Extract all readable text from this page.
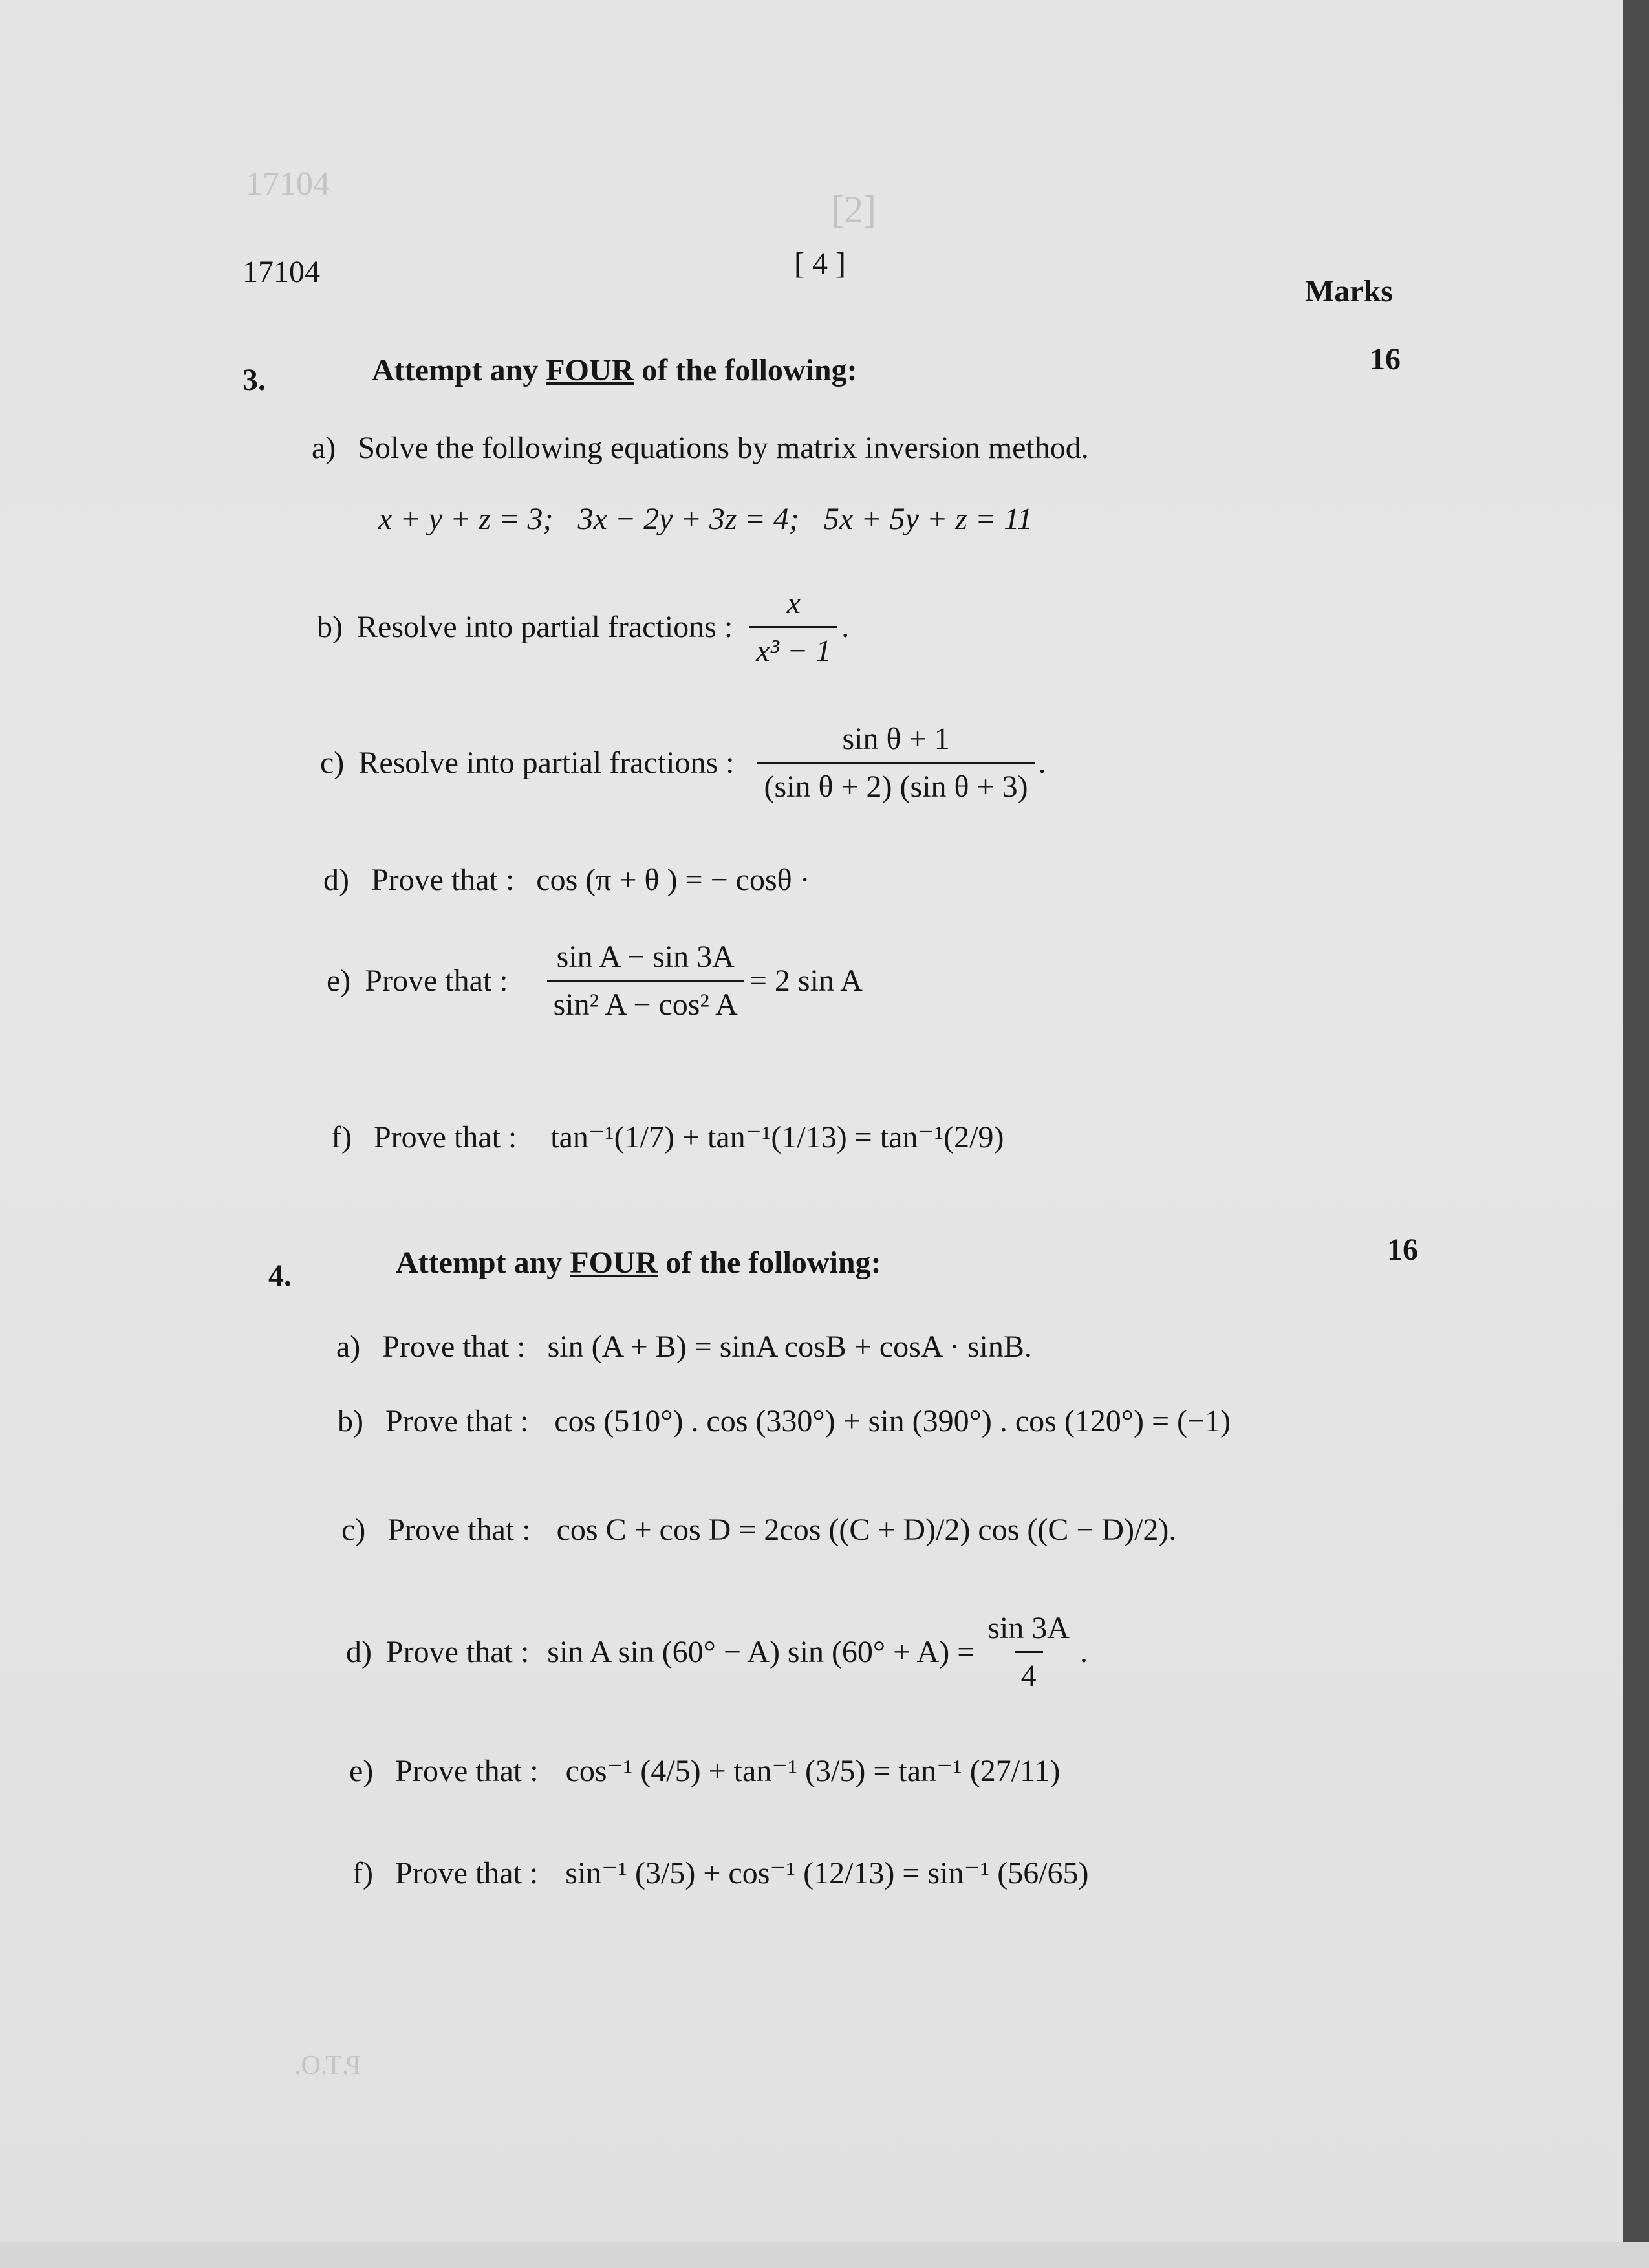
17104
[2]
17104	[ 4 ]
Marks
3.	Attempt any FOUR of the following:	16
a) Solve the following equations by matrix inversion method.
x + y + z = 3; 3x − 2y + 3z = 4; 5x + 5y + z = 11
b) Resolve into partial fractions : $\frac{x}{\text{x³ − 1}}$ .
c) Resolve into partial fractions : $\frac{\text{sin θ + 1}}{\text{(sin θ + 2) (sin θ + 3)}}$ .
d) Prove that : cos (π + θ ) = − cosθ ·
e) Prove that : $\frac{\text{sin A − sin 3A}}{\text{sin² A − cos² A}} = 2$ sin A
f) Prove that : tan⁻¹(1/7) + tan⁻¹(1/13) = tan⁻¹(2/9)
4.	Attempt any FOUR of the following:	16
a) Prove that : sin (A + B) = sinA cosB + cosA · sinB.
b) Prove that : cos (510°) . cos (330°) + sin (390°) . cos (120°) = (−1)
c) Prove that : cos C + cos D = 2cos ((C + D)/2) cos ((C − D)/2).
d) Prove that : sin A sin (60° − A) $\sin (60^\circ + A) = \frac{\sin 3A}{4}$ .
e) Prove that : cos⁻¹ (4/5) + tan⁻¹ (3/5) = tan⁻¹ (27/11)
f) Prove that : sin⁻¹ (3/5) + cos⁻¹ (12/13) = sin⁻¹ (56/65)
P.T.O.
